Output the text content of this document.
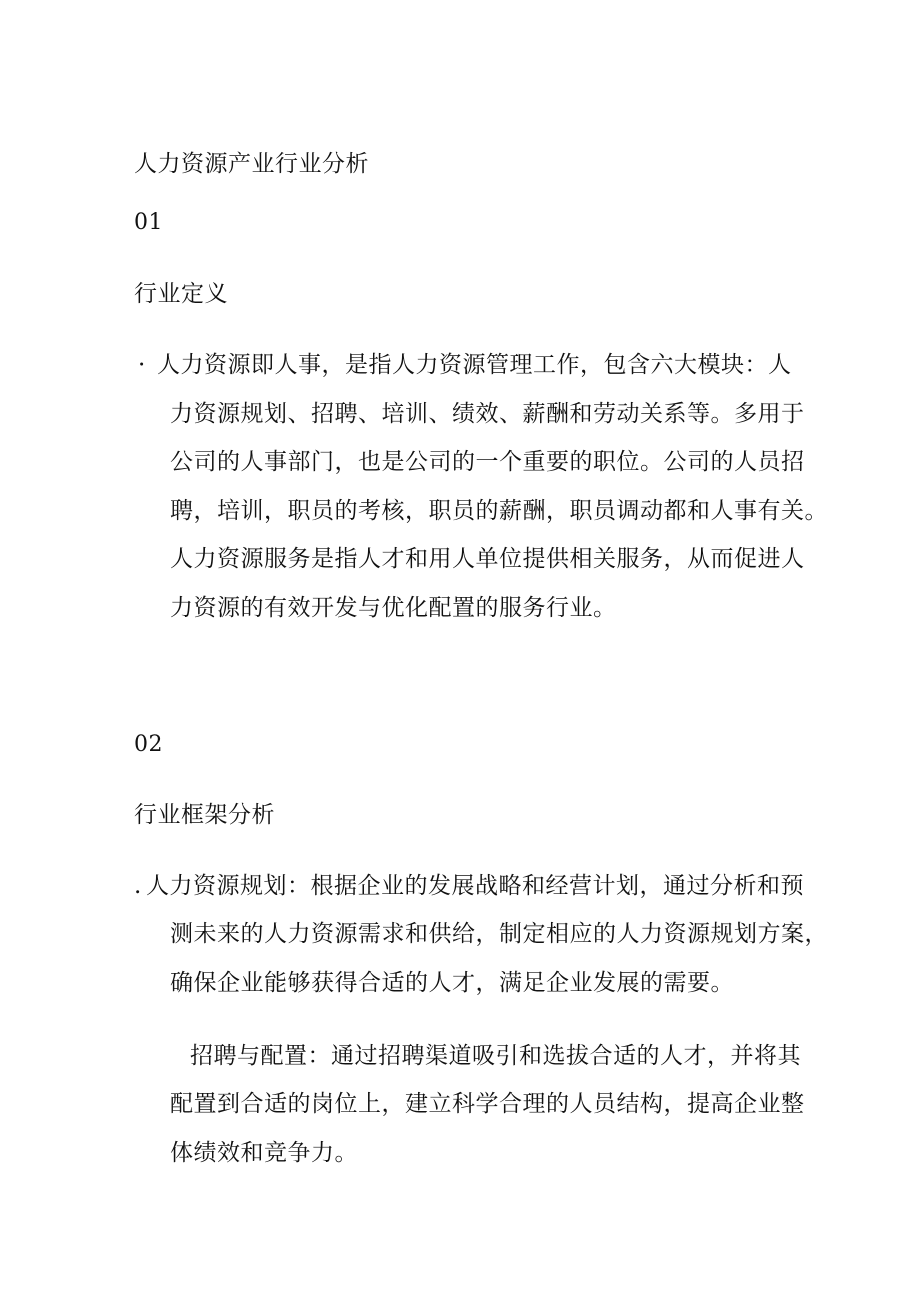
人力资源产业行业分析
01
行业定义
· 人力资源即人事，是指人力资源管理工作，包含六大模块：人
力资源规划、招聘、培训、绩效、薪酬和劳动关系等。多用于
公司的人事部门，也是公司的一个重要的职位。公司的人员招
聘，培训，职员的考核，职员的薪酬，职员调动都和人事有关。
人力资源服务是指人才和用人单位提供相关服务，从而促进人
力资源的有效开发与优化配置的服务行业。
02
行业框架分析
. 人力资源规划：根据企业的发展战略和经营计划，通过分析和预
测未来的人力资源需求和供给，制定相应的人力资源规划方案，
确保企业能够获得合适的人才，满足企业发展的需要。
招聘与配置：通过招聘渠道吸引和选拔合适的人才，并将其
配置到合适的岗位上，建立科学合理的人员结构，提高企业整
体绩效和竞争力。
